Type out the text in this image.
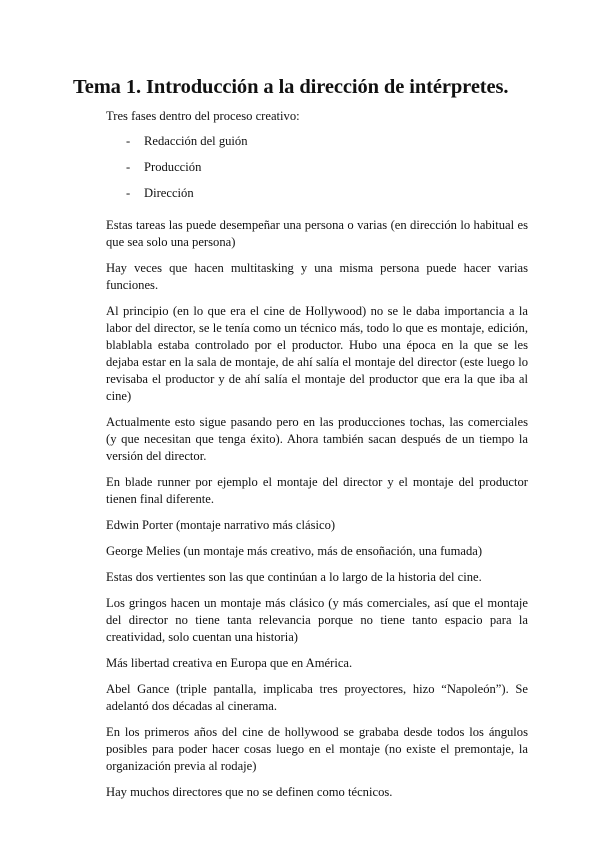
Tema 1. Introducción a la dirección de intérpretes.

Tres fases dentro del proceso creativo:

- Redacción del guión
- Producción
- Dirección

Estas tareas las puede desempeñar una persona o varias (en dirección lo habitual es que sea solo una persona)

Hay veces que hacen multitasking y una misma persona puede hacer varias funciones.

Al principio (en lo que era el cine de Hollywood) no se le daba importancia a la labor del director, se le tenía como un técnico más, todo lo que es montaje, edición, blablabla estaba controlado por el productor. Hubo una época en la que se les dejaba estar en la sala de montaje, de ahí salía el montaje del director (este luego lo revisaba el productor y de ahí salía el montaje del productor que era la que iba al cine)

Actualmente esto sigue pasando pero en las producciones tochas, las comerciales (y que necesitan que tenga éxito). Ahora también sacan después de un tiempo la versión del director.

En blade runner por ejemplo el montaje del director y el montaje del productor tienen final diferente.

Edwin Porter (montaje narrativo más clásico)

George Melies (un montaje más creativo, más de ensoñación, una fumada)

Estas dos vertientes son las que continúan a lo largo de la historia del cine.

Los gringos hacen un montaje más clásico (y más comerciales, así que el montaje del director no tiene tanta relevancia porque no tiene tanto espacio para la creatividad, solo cuentan una historia)

Más libertad creativa en Europa que en América.

Abel Gance (triple pantalla, implicaba tres proyectores, hizo “Napoleón”). Se adelantó dos décadas al cinerama.

En los primeros años del cine de hollywood se grababa desde todos los ángulos posibles para poder hacer cosas luego en el montaje (no existe el premontaje, la organización previa al rodaje)

Hay muchos directores que no se definen como técnicos.
